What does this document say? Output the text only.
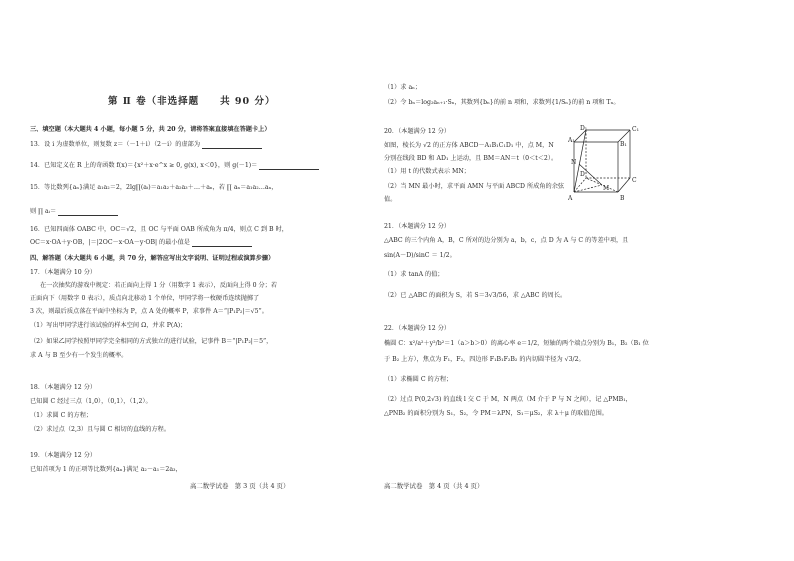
第 Ⅱ 卷（非选择题　　共 90 分）
三、填空题（本大题共 4 小题，每小题 5 分，共 20 分，请将答案直接填在答题卡上）
13．设 i 为虚数单位，则复数 z＝（－1＋i）（2－i）的虚部为
14．已知定义在 R 上的奇函数 f(x)＝{x²＋x·e^x ≥ 0, g(x), x＜0}，则 g(－1)＝
15．等比数列{aₙ}满足 a₁a₂＝2，2lg∏(aᵢ)＝a₁a₂＋a₂a₃＋…＋aₙ，若 ∏ aₙ＝a₁a₂…aₙ，
则 ∏ aᵢ＝
16．已知四面体 OABC 中，OC＝√2，且 OC 与平面 OAB 所成角为 π/4，则点 C 到 B 时，
OC＝x·OA＋y·OB，|＝|2OC－x·OA－y·OB| 的最小值是
四、解答题（本大题共 6 小题，共 70 分，解答应写出文字说明、证明过程或演算步骤）
17．（本题满分 10 分）
在一次抽奖的游戏中规定：若正面向上得 1 分（用数字 1 表示），反面向上得 0 分；若
正面向下（用数字 0 表示），质点向北移动 1 个单位，甲同学将一枚硬币连续抛掷了
3 次，则最后质点落在平面中坐标为 P，点 A 处的概率 P，求事件 A＝“|P₁P₂|＝√5”。
（1）写出甲同学进行该试验的样本空间 Ω，并求 P(A)；
（2）如果乙同学按照甲同学完全相同的方式独立的进行试验，记事件 B＝“|P₁P₂|＝5”，
求 A 与 B 至少有一个发生的概率。
18．（本题满分 12 分）
已知圆 C 经过三点（1,0），（0,1），（1,2）。
（1）求圆 C 的方程；
（2）求过点（2,3）且与圆 C 相切的直线的方程。
19．（本题满分 12 分）
已知首项为 1 的正项等比数列{aₙ}满足 a₂－a₁＝2a₃，
高二数学试卷　第 3 页（共 4 页）
（1）求 aₙ；
（2）令 bₙ＝log₂aₙ₊₁·Sₙ，其数列{bₙ}的前 n 项和，求数列{1/Sₙ}的前 n 项和 Tₙ。
20．（本题满分 12 分）
如图，棱长为 √2 的正方体 ABCD－A₁B₁C₁D₁ 中，点 M，N
分别在线段 BD 和 AD₁ 上运动，且 BM＝AN＝t（0＜t＜2）。
（1）用 t 的代数式表示 MN；
（2）当 MN 最小时，求平面 AMN 与平面 ABCD 所成角的余弦
值。
21．（本题满分 12 分）
△ABC 的三个内角 A，B，C 所对的边分别为 a，b，c，点 D 为 A 与 C 的等差中项，且
sin(A－D)/sinC ＝ 1/2。
（1）求 tanA 的值；
（2）已 △ABC 的面积为 S，若 S＝3√3/56，求 △ABC 的周长。
22．（本题满分 12 分）
椭圆 C：x²/a²＋y²/b²＝1（a＞b＞0）的离心率 e＝1/2，短轴的两个端点分别为 B₁，B₂（B₁ 位
于 B₂ 上方），焦点为 F₁，F₂，四边形 F₁B₁F₂B₂ 的内切圆半径为 √3/2。
（1）求椭圆 C 的方程；
（2）过点 P(0,2√3) 的直线 l 交 C 于 M，N 两点（M 介于 P 与 N 之间），记 △PMB₁，
△PNB₂ 的面积分别为 S₁，S₂，令 PM＝λPN，S₁＝μS₂，求 λ＋μ 的取值范围。
高二数学试卷　第 4 页（共 4 页）
D₁	C₁
A₁
B₁
N
D
C
M
A	B
